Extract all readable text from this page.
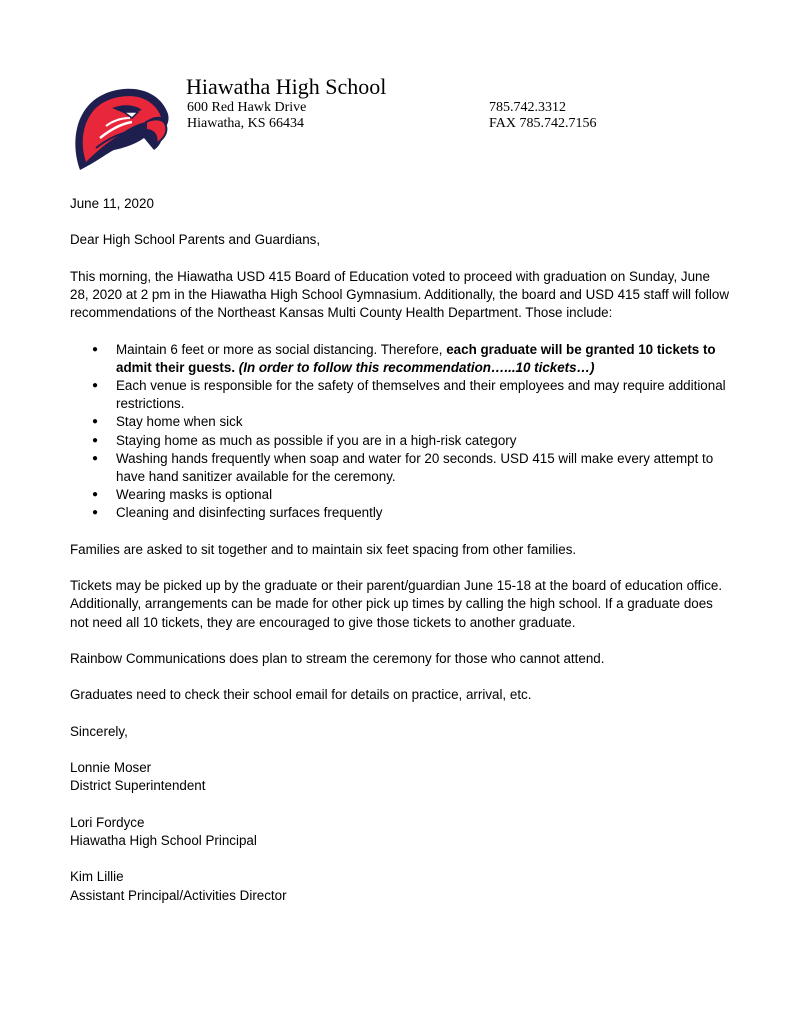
Hiawatha High School
600 Red Hawk Drive
Hiawatha, KS 66434
785.742.3312
FAX 785.742.7156

June 11, 2020

Dear High School Parents and Guardians,

This morning, the Hiawatha USD 415 Board of Education voted to proceed with graduation on Sunday, June 28, 2020 at 2 pm in the Hiawatha High School Gymnasium. Additionally, the board and USD 415 staff will follow recommendations of the Northeast Kansas Multi County Health Department. Those include:

● Maintain 6 feet or more as social distancing. Therefore, each graduate will be granted 10 tickets to admit their guests. (In order to follow this recommendation…...10 tickets…)
● Each venue is responsible for the safety of themselves and their employees and may require additional restrictions.
● Stay home when sick
● Staying home as much as possible if you are in a high-risk category
● Washing hands frequently when soap and water for 20 seconds. USD 415 will make every attempt to have hand sanitizer available for the ceremony.
● Wearing masks is optional
● Cleaning and disinfecting surfaces frequently

Families are asked to sit together and to maintain six feet spacing from other families.

Tickets may be picked up by the graduate or their parent/guardian June 15-18 at the board of education office. Additionally, arrangements can be made for other pick up times by calling the high school. If a graduate does not need all 10 tickets, they are encouraged to give those tickets to another graduate.

Rainbow Communications does plan to stream the ceremony for those who cannot attend.

Graduates need to check their school email for details on practice, arrival, etc.

Sincerely,

Lonnie Moser
District Superintendent

Lori Fordyce
Hiawatha High School Principal

Kim Lillie
Assistant Principal/Activities Director
